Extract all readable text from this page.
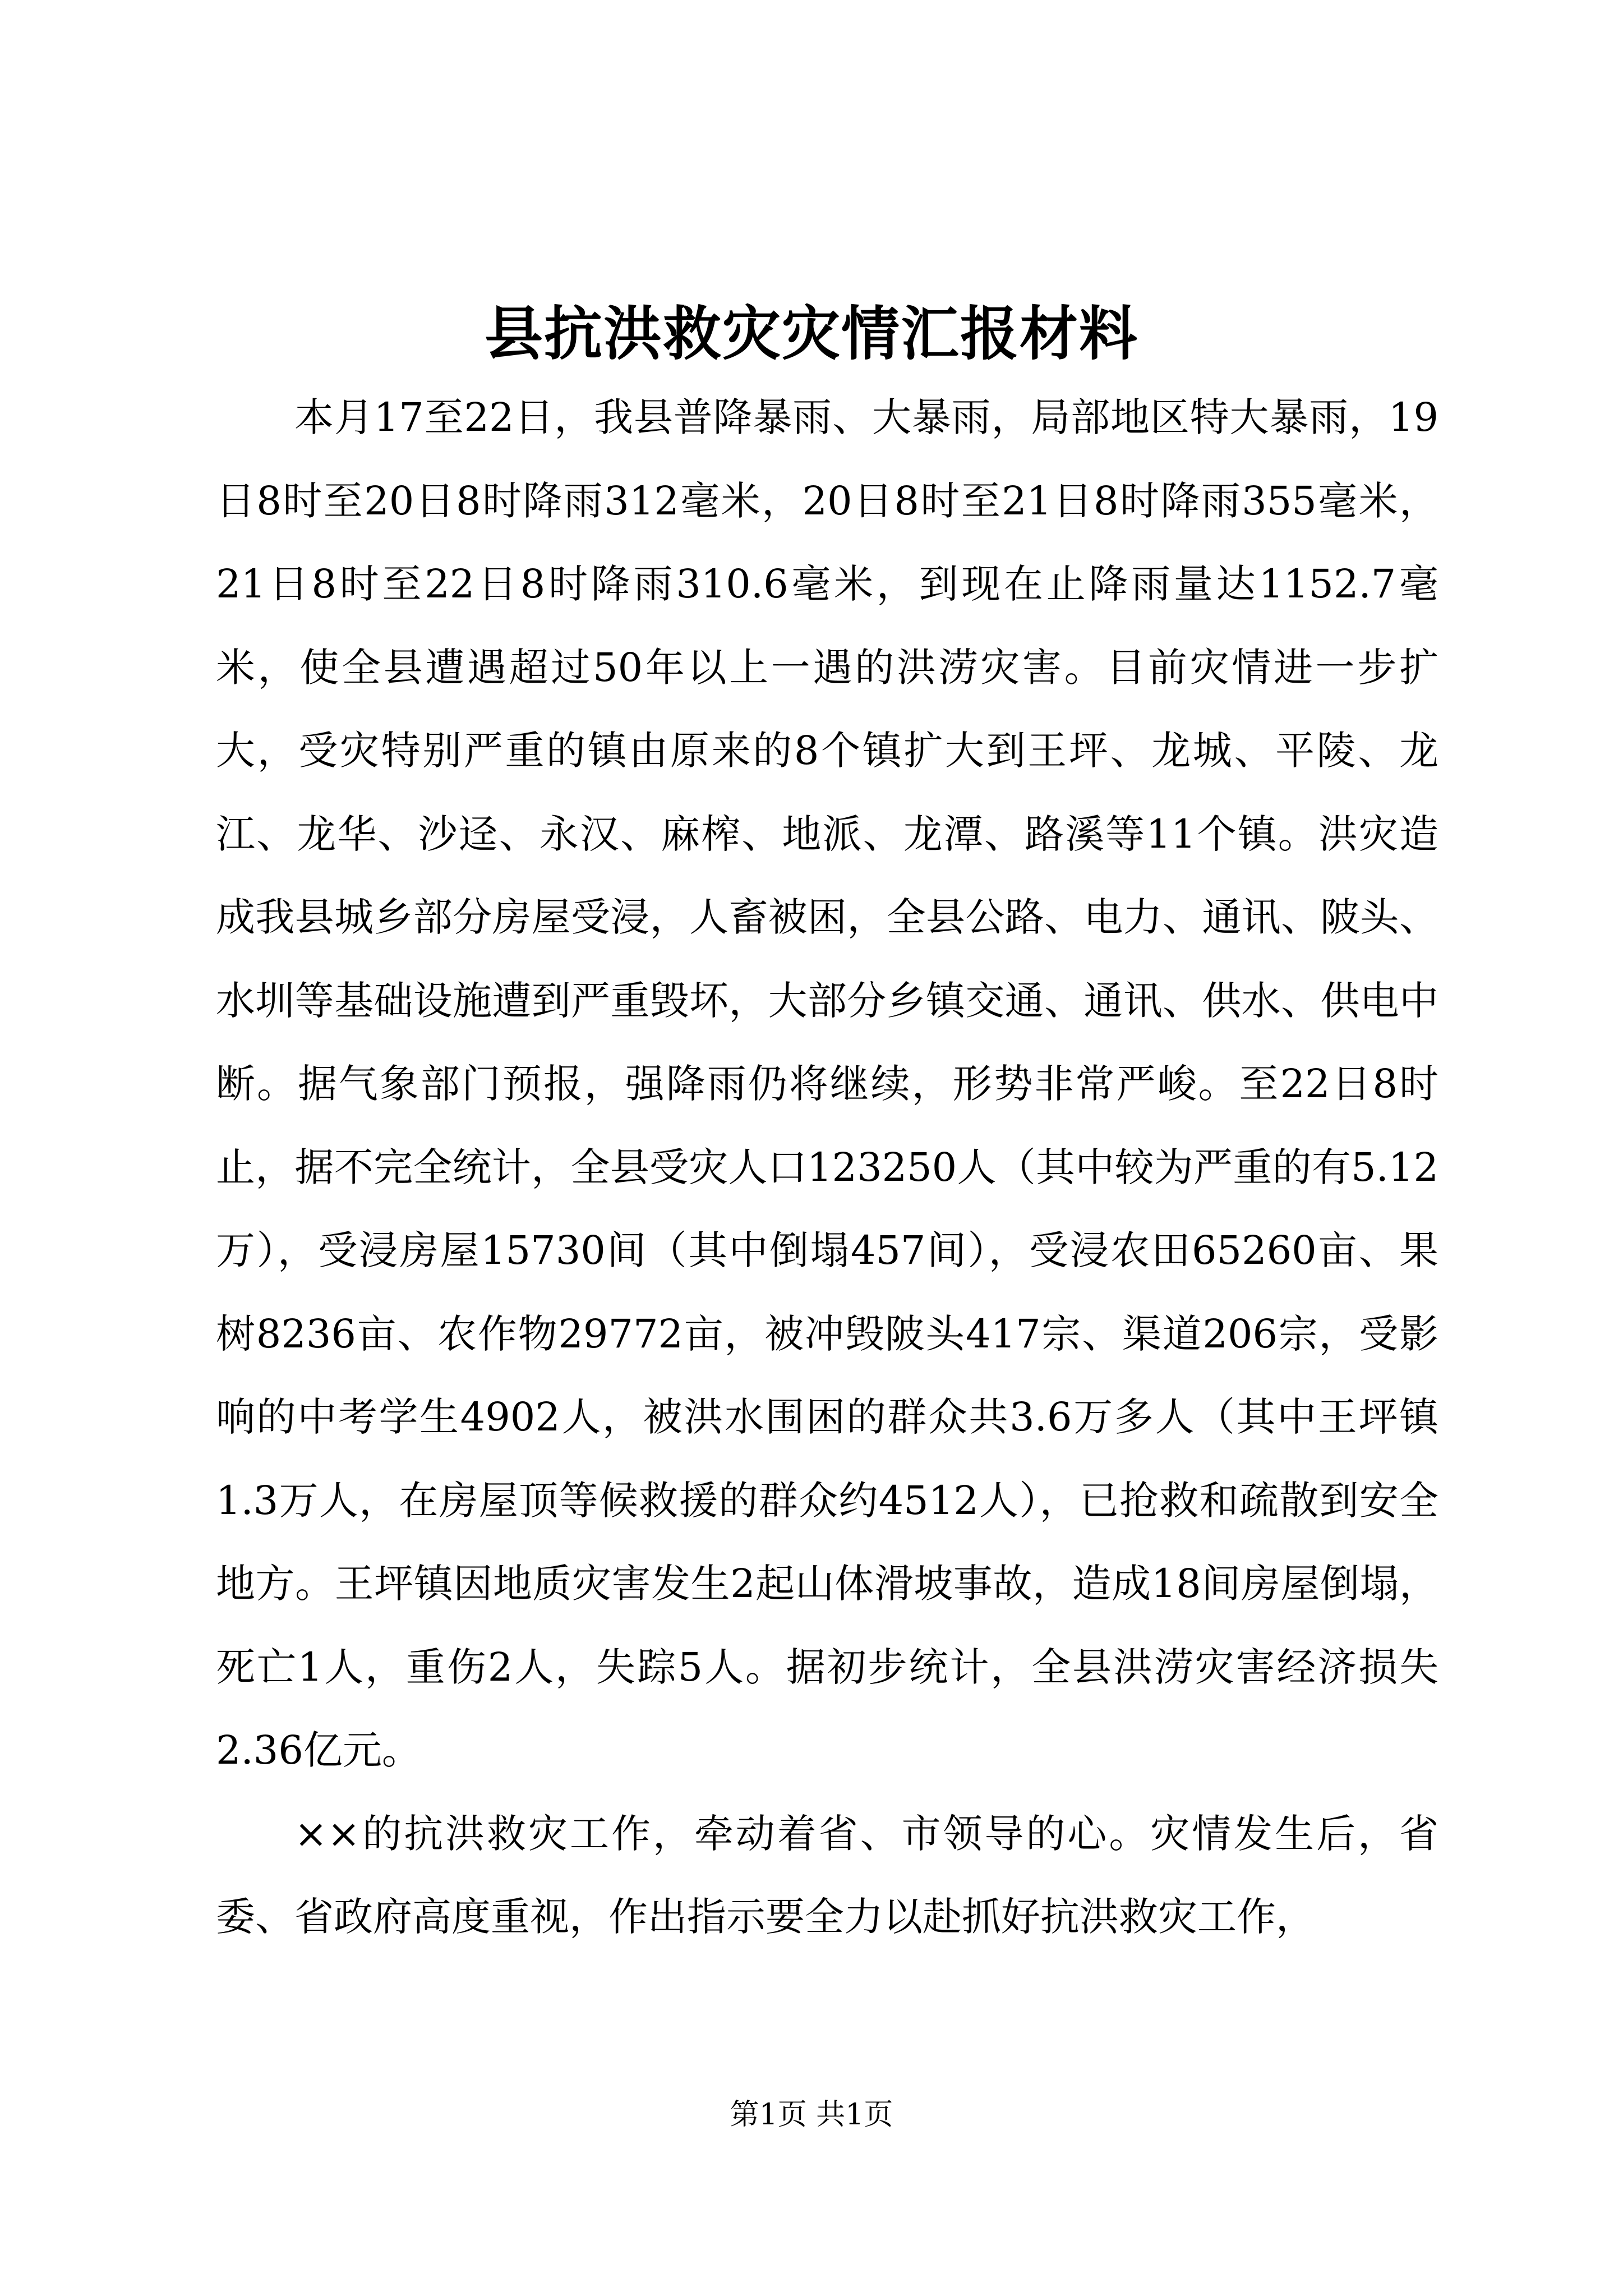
县抗洪救灾灾情汇报材料

本月17至22日，我县普降暴雨、大暴雨，局部地区特大暴雨，19日8时至20日8时降雨312毫米，20日8时至21日8时降雨355毫米，21日8时至22日8时降雨310.6毫米，到现在止降雨量达1152.7毫米，使全县遭遇超过50年以上一遇的洪涝灾害。目前灾情进一步扩大，受灾特别严重的镇由原来的8个镇扩大到王坪、龙城、平陵、龙江、龙华、沙迳、永汉、麻榨、地派、龙潭、路溪等11个镇。洪灾造成我县城乡部分房屋受浸，人畜被困，全县公路、电力、通讯、陂头、水圳等基础设施遭到严重毁坏，大部分乡镇交通、通讯、供水、供电中断。据气象部门预报，强降雨仍将继续，形势非常严峻。至22日8时止，据不完全统计，全县受灾人口123250人（其中较为严重的有5.12万），受浸房屋15730间（其中倒塌457间），受浸农田65260亩、果树8236亩、农作物29772亩，被冲毁陂头417宗、渠道206宗，受影响的中考学生4902人，被洪水围困的群众共3.6万多人（其中王坪镇1.3万人，在房屋顶等候救援的群众约4512人），已抢救和疏散到安全地方。王坪镇因地质灾害发生2起山体滑坡事故，造成18间房屋倒塌，死亡1人，重伤2人，失踪5人。据初步统计，全县洪涝灾害经济损失2.36亿元。

××的抗洪救灾工作，牵动着省、市领导的心。灾情发生后，省委、省政府高度重视，作出指示要全力以赴抓好抗洪救灾工作，

第1页 共1页
